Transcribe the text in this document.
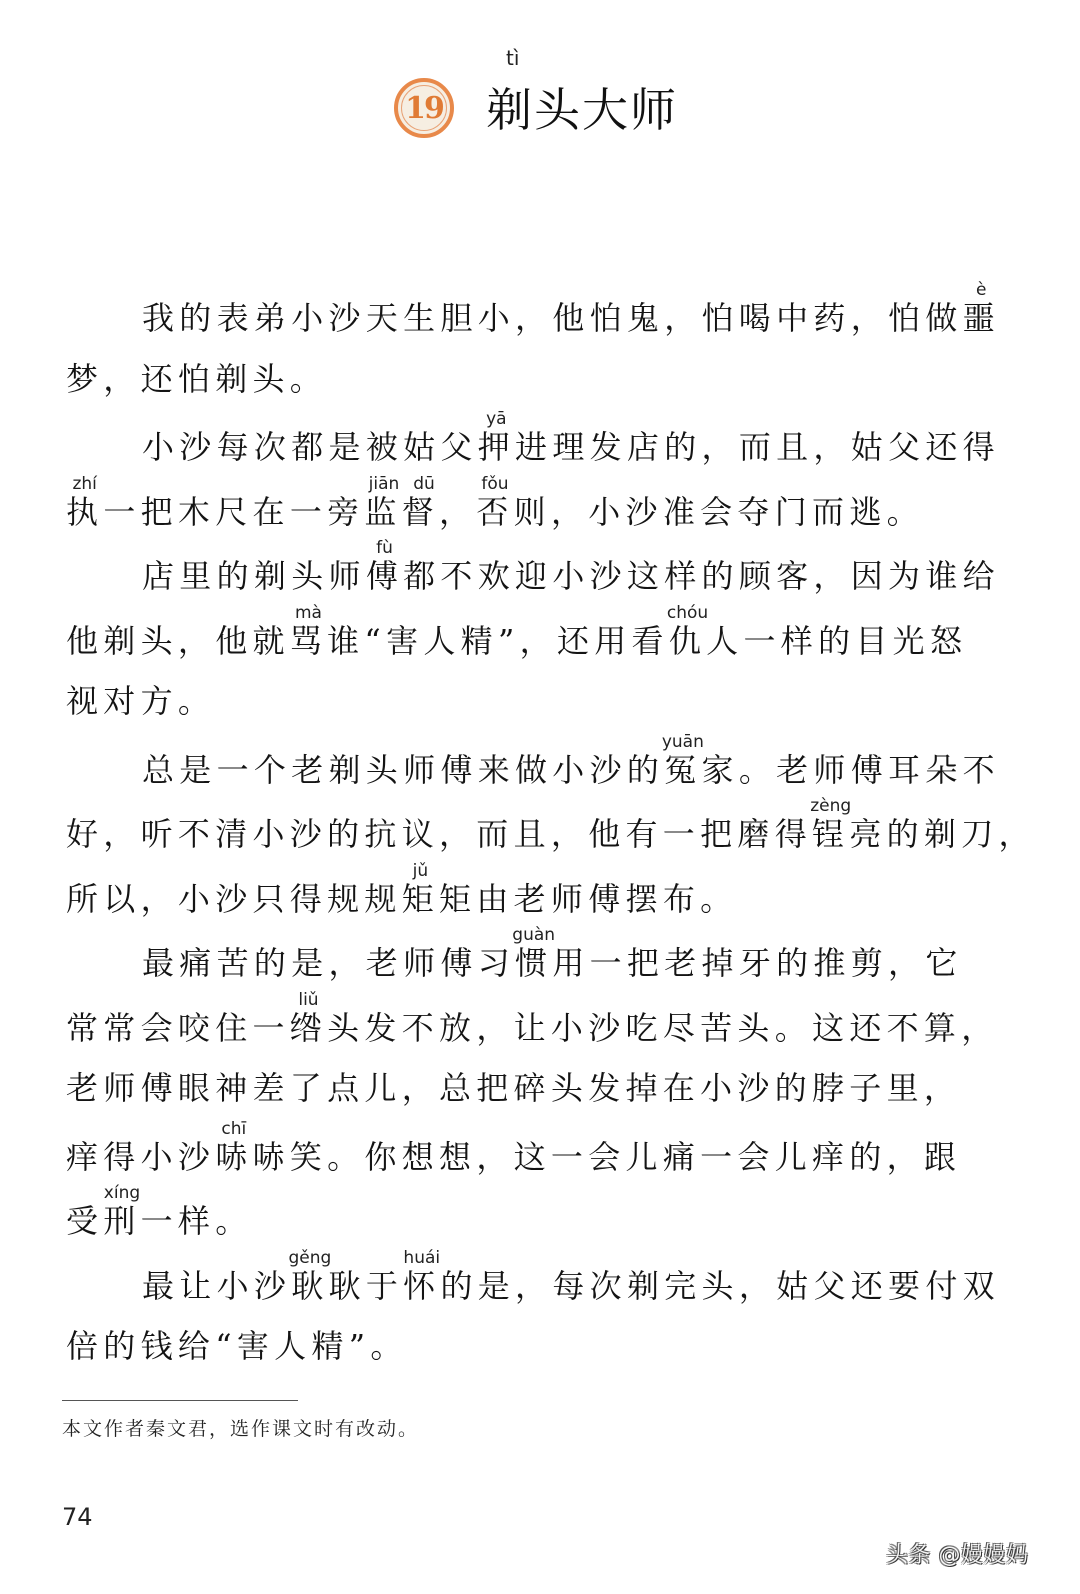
19
tì
剃头大师
我的表弟小沙天生胆小，他怕鬼，怕喝中药，怕做噩è
梦，还怕剃头。
小沙每次都是被姑父押yā进理发店的，而且，姑父还得
执zhí一把木尺在一旁监督jiān dū，否fǒu则，小沙准会夺门而逃。
店里的剃头师傅fù都不欢迎小沙这样的顾客，因为谁给
他剃头，他就骂mà谁“害人精”，还用看仇chóu人一样的目光怒
视对方。
总是一个老剃头师傅来做小沙的冤yuān家。老师傅耳朵不
好，听不清小沙的抗议，而且，他有一把磨得锃zèng亮的剃刀，
所以，小沙只得规规矩jǔ矩由老师傅摆布。
最痛苦的是，老师傅习惯guàn用一把老掉牙的推剪，它
常常会咬住一绺liǔ头发不放，让小沙吃尽苦头。这还不算，
老师傅眼神差了点儿，总把碎头发掉在小沙的脖子里，
痒得小沙哧chī哧笑。你想想，这一会儿痛一会儿痒的，跟
受刑xíng一样。
最让小沙耿gěng耿于怀huái的是，每次剃完头，姑父还要付双
倍的钱给“害人精”。
本文作者秦文君，选作课文时有改动。
74
头条 @嫚嫚妈
